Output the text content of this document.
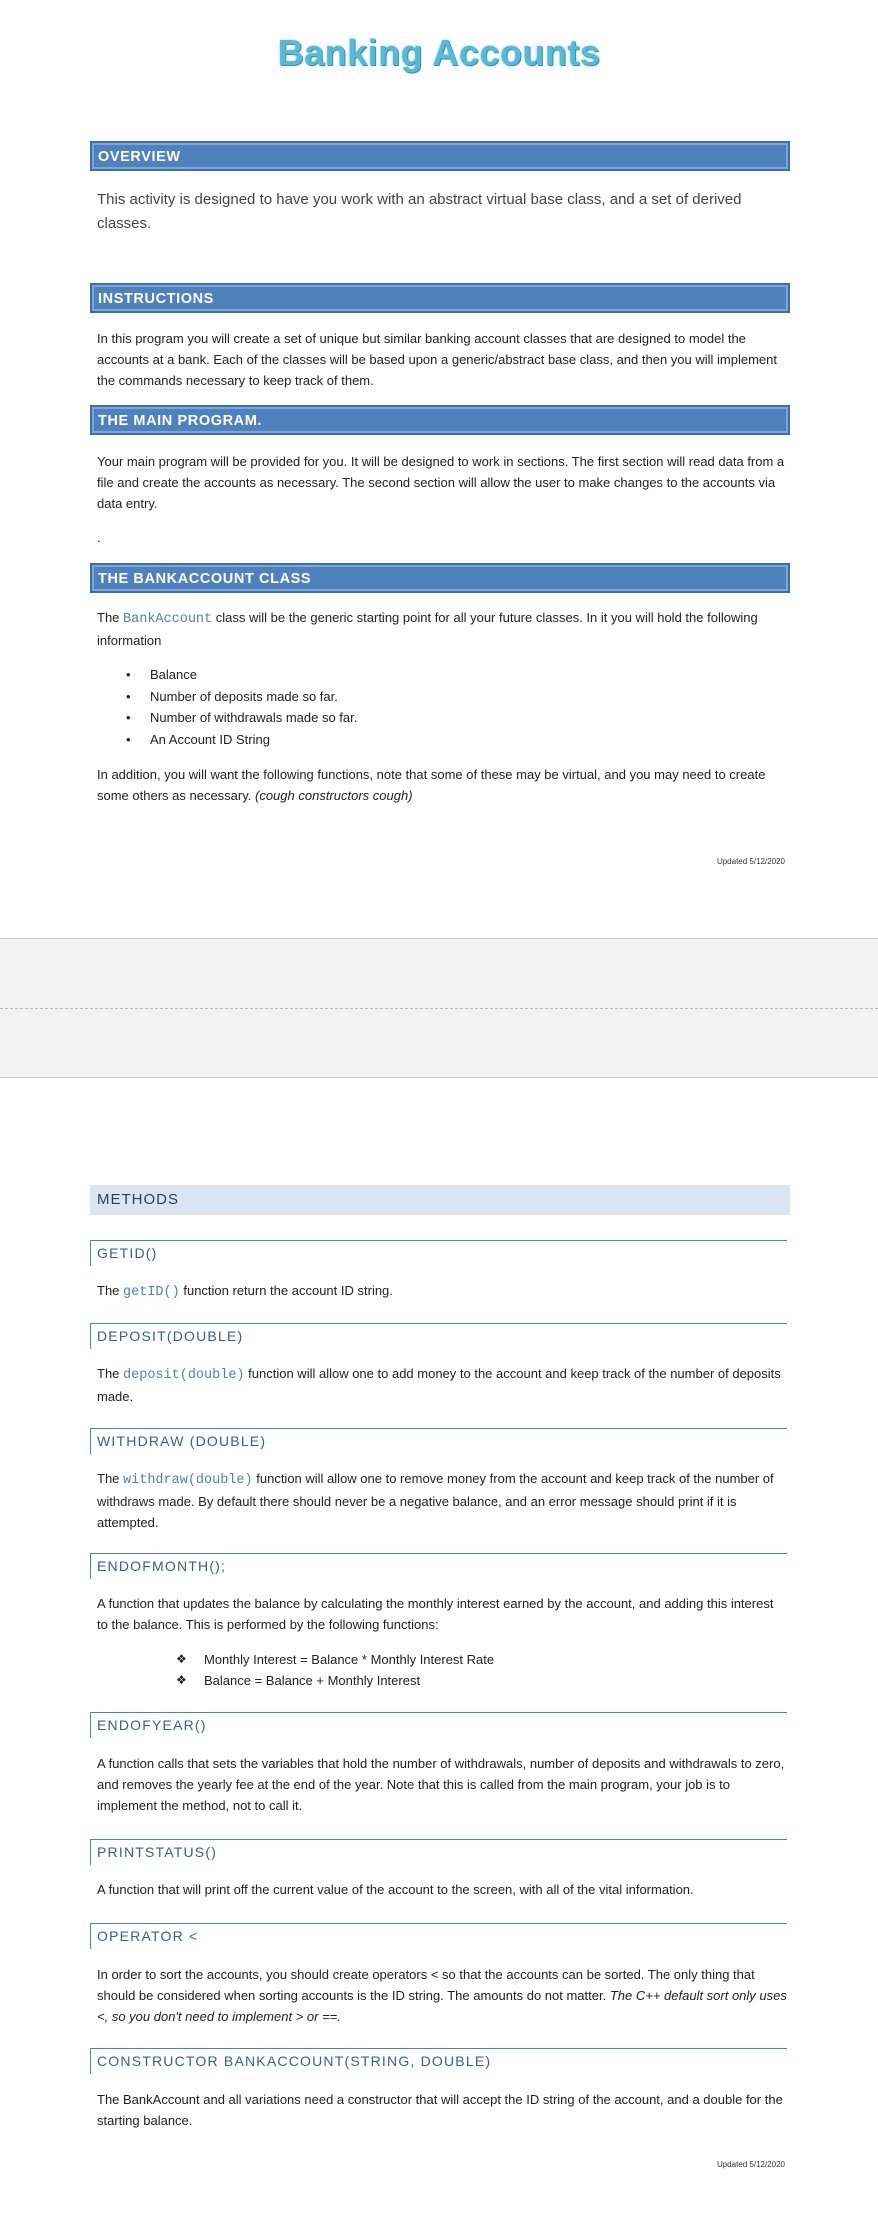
Banking Accounts
OVERVIEW
This activity is designed to have you work with an abstract virtual base class, and a set of derived classes.
INSTRUCTIONS
In this program you will create a set of unique but similar banking account classes that are designed to model the accounts at a bank. Each of the classes will be based upon a generic/abstract base class, and then you will implement the commands necessary to keep track of them.
THE MAIN PROGRAM.
Your main program will be provided for you. It will be designed to work in sections. The first section will read data from a file and create the accounts as necessary. The second section will allow the user to make changes to the accounts via data entry.
.
THE BANKACCOUNT CLASS
The BankAccount class will be the generic starting point for all your future classes. In it you will hold the following information
• Balance
• Number of deposits made so far.
• Number of withdrawals made so far.
• An Account ID String
In addition, you will want the following functions, note that some of these may be virtual, and you may need to create some others as necessary. (cough constructors cough)
Updated 5/12/2020
METHODS
GETID()
The getID() function return the account ID string.
DEPOSIT(DOUBLE)
The deposit(double) function will allow one to add money to the account and keep track of the number of deposits made.
WITHDRAW (DOUBLE)
The withdraw(double) function will allow one to remove money from the account and keep track of the number of withdraws made. By default there should never be a negative balance, and an error message should print if it is attempted.
ENDOFMONTH();
A function that updates the balance by calculating the monthly interest earned by the account, and adding this interest to the balance. This is performed by the following functions:
❖ Monthly Interest = Balance * Monthly Interest Rate
❖ Balance = Balance + Monthly Interest
ENDOFYEAR()
A function calls that sets the variables that hold the number of withdrawals, number of deposits and withdrawals to zero, and removes the yearly fee at the end of the year. Note that this is called from the main program, your job is to implement the method, not to call it.
PRINTSTATUS()
A function that will print off the current value of the account to the screen, with all of the vital information.
OPERATOR <
In order to sort the accounts, you should create operators < so that the accounts can be sorted. The only thing that should be considered when sorting accounts is the ID string. The amounts do not matter. The C++ default sort only uses <, so you don't need to implement > or ==.
CONSTRUCTOR BANKACCOUNT(STRING, DOUBLE)
The BankAccount and all variations need a constructor that will accept the ID string of the account, and a double for the starting balance.
Updated 5/12/2020
